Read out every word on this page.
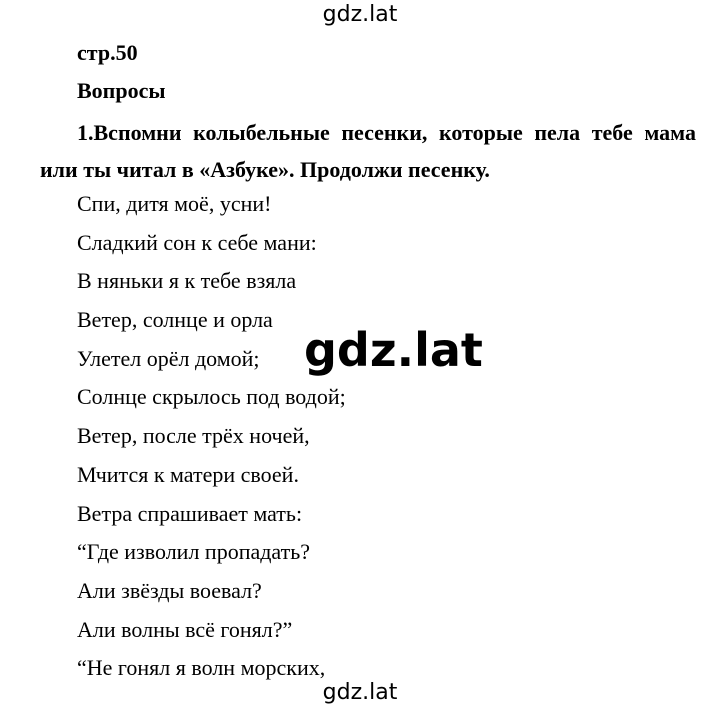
gdz.lat
стр.50
Вопросы
1.Вспомни колыбельные песенки, которые пела тебе мама или ты читал в «Азбуке». Продолжи песенку.
Спи, дитя моё, усни!
Сладкий сон к себе мани:
В няньки я к тебе взяла
Ветер, солнце и орла
Улетел орёл домой;
Солнце скрылось под водой;
Ветер, после трёх ночей,
Мчится к матери своей.
Ветра спрашивает мать:
“Где изволил пропадать?
Али звёзды воевал?
Али волны всё гонял?”
“Не гонял я волн морских,
gdz.lat
gdz.lat
